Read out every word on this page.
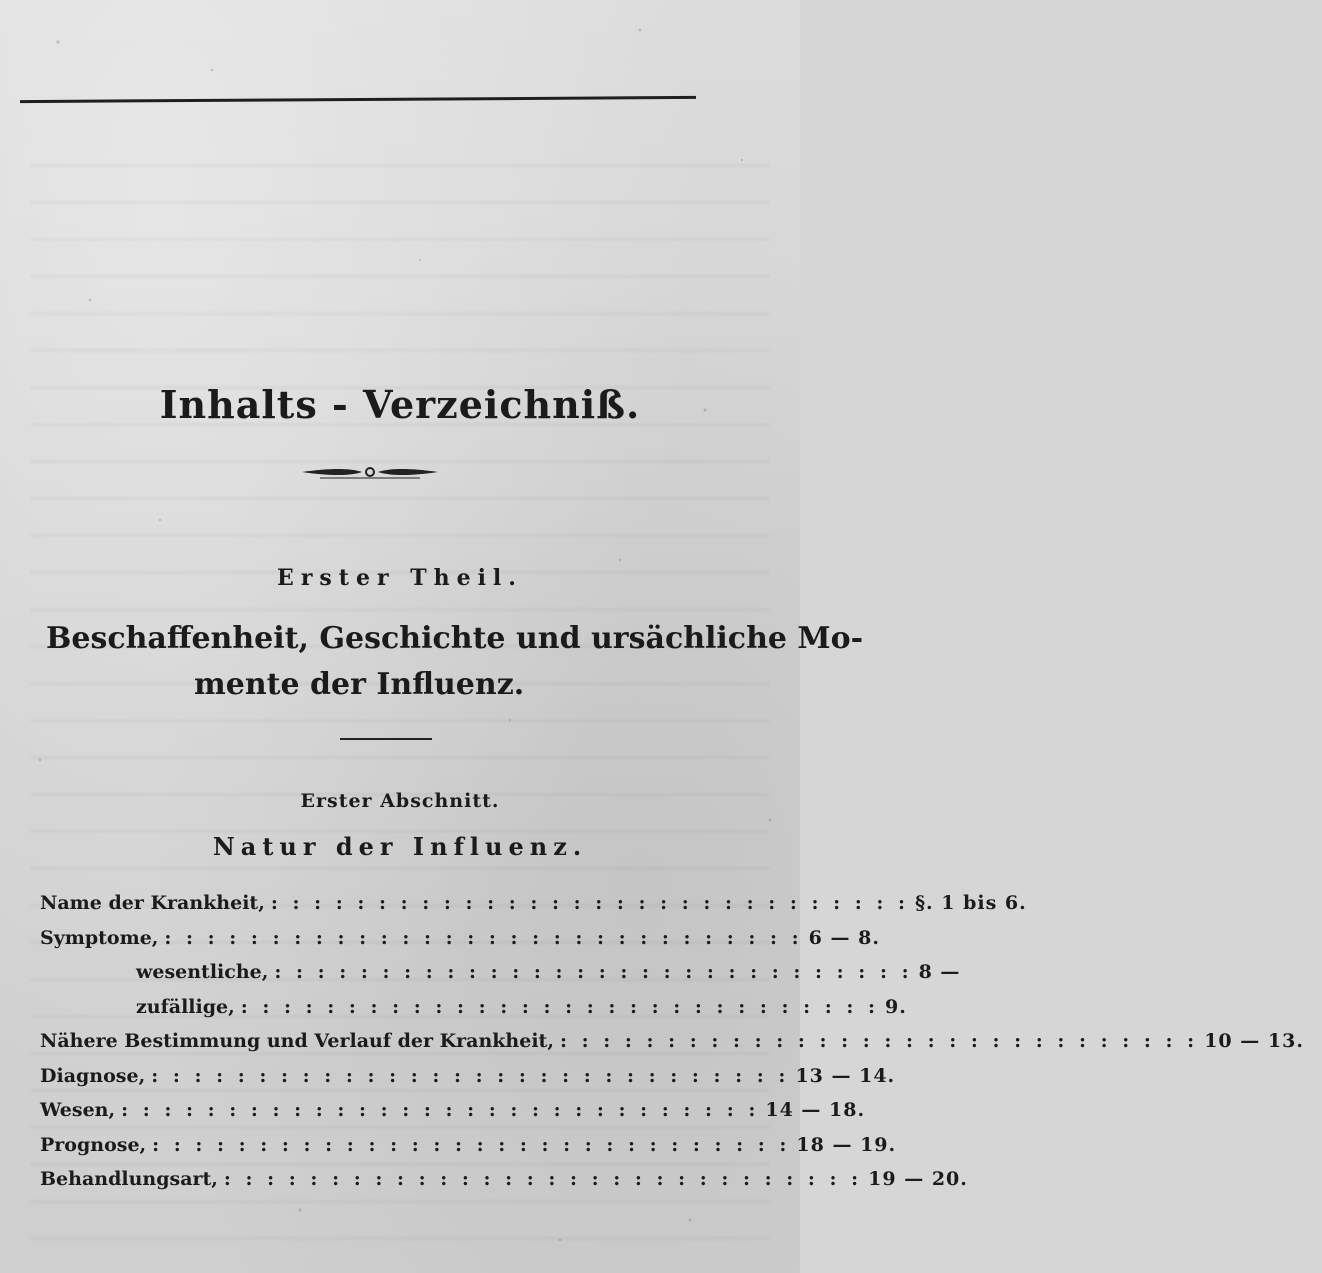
Inhalts - Verzeichniß.
Erster Theil.
Beschaffenheit, Geschichte und ursächliche Mo-
mente der Influenz.
Erster Abschnitt.
Natur der Influenz.
Name der Krankheit, : : : : : : : : : : : : : : : : : : : : : : : : : : : : : : §. 1 bis 6.
Symptome, : : : : : : : : : : : : : : : : : : : : : : : : : : : : : : 6 — 8.
wesentliche, : : : : : : : : : : : : : : : : : : : : : : : : : : : : : : 8 —
zufällige, : : : : : : : : : : : : : : : : : : : : : : : : : : : : : : 9.
Nähere Bestimmung und Verlauf der Krankheit, : : : : : : : : : : : : : : : : : : : : : : : : : : : : : : 10 — 13.
Diagnose, : : : : : : : : : : : : : : : : : : : : : : : : : : : : : : 13 — 14.
Wesen, : : : : : : : : : : : : : : : : : : : : : : : : : : : : : : 14 — 18.
Prognose, : : : : : : : : : : : : : : : : : : : : : : : : : : : : : : 18 — 19.
Behandlungsart, : : : : : : : : : : : : : : : : : : : : : : : : : : : : : : 19 — 20.
